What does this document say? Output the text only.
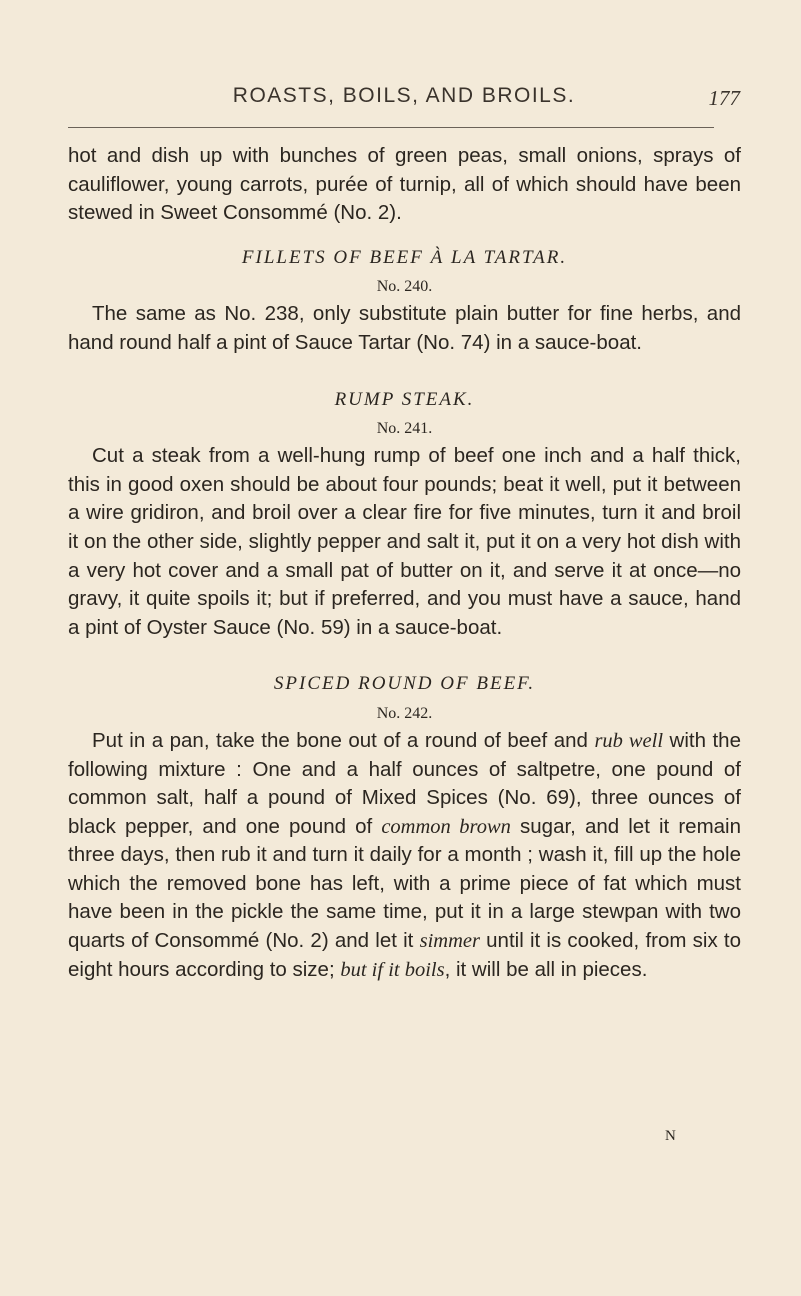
ROASTS, BOILS, AND BROILS.	177

hot and dish up with bunches of green peas, small onions, sprays of cauliflower, young carrots, purée of turnip, all of which should have been stewed in Sweet Consommé (No. 2).

FILLETS OF BEEF À LA TARTAR.
No. 240.

The same as No. 238, only substitute plain butter for fine herbs, and hand round half a pint of Sauce Tartar (No. 74) in a sauce-boat.

RUMP STEAK.
No. 241.

Cut a steak from a well-hung rump of beef one inch and a half thick, this in good oxen should be about four pounds; beat it well, put it between a wire gridiron, and broil over a clear fire for five minutes, turn it and broil it on the other side, slightly pepper and salt it, put it on a very hot dish with a very hot cover and a small pat of butter on it, and serve it at once—no gravy, it quite spoils it; but if preferred, and you must have a sauce, hand a pint of Oyster Sauce (No. 59) in a sauce-boat.

SPICED ROUND OF BEEF.
No. 242.

Put in a pan, take the bone out of a round of beef and rub well with the following mixture : One and a half ounces of saltpetre, one pound of common salt, half a pound of Mixed Spices (No. 69), three ounces of black pepper, and one pound of common brown sugar, and let it remain three days, then rub it and turn it daily for a month ; wash it, fill up the hole which the removed bone has left, with a prime piece of fat which must have been in the pickle the same time, put it in a large stewpan with two quarts of Consommé (No. 2) and let it simmer until it is cooked, from six to eight hours according to size; but if it boils, it will be all in pieces.

N
